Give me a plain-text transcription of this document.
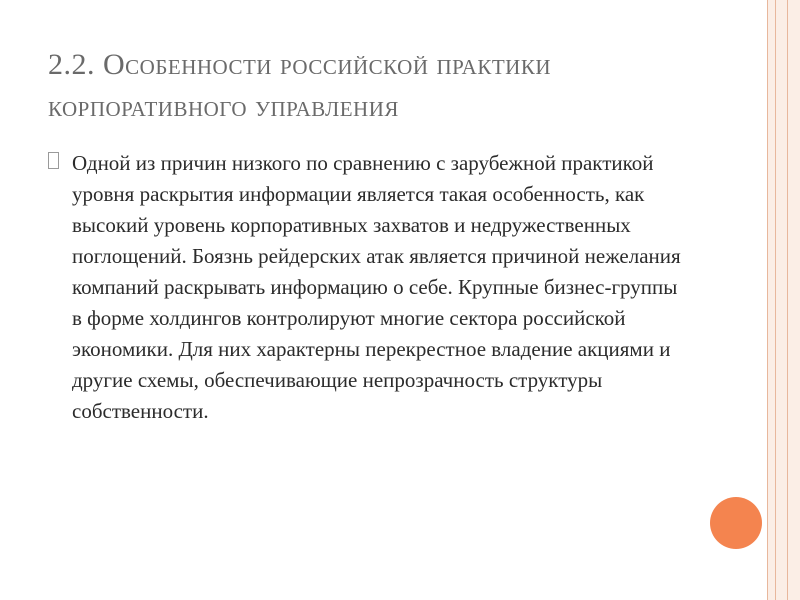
2.2. Особенности российской практики корпоративного управления

Одной из причин низкого по сравнению с зарубежной практикой уровня раскрытия информации является такая особенность, как высокий уровень корпоративных захватов и недружественных поглощений. Боязнь рейдерских атак является причиной нежелания компаний раскрывать информацию о себе. Крупные бизнес-группы в форме холдингов контролируют многие сектора российской экономики. Для них характерны перекрестное владение акциями и другие схемы, обеспечивающие непрозрачность структуры собственности.
